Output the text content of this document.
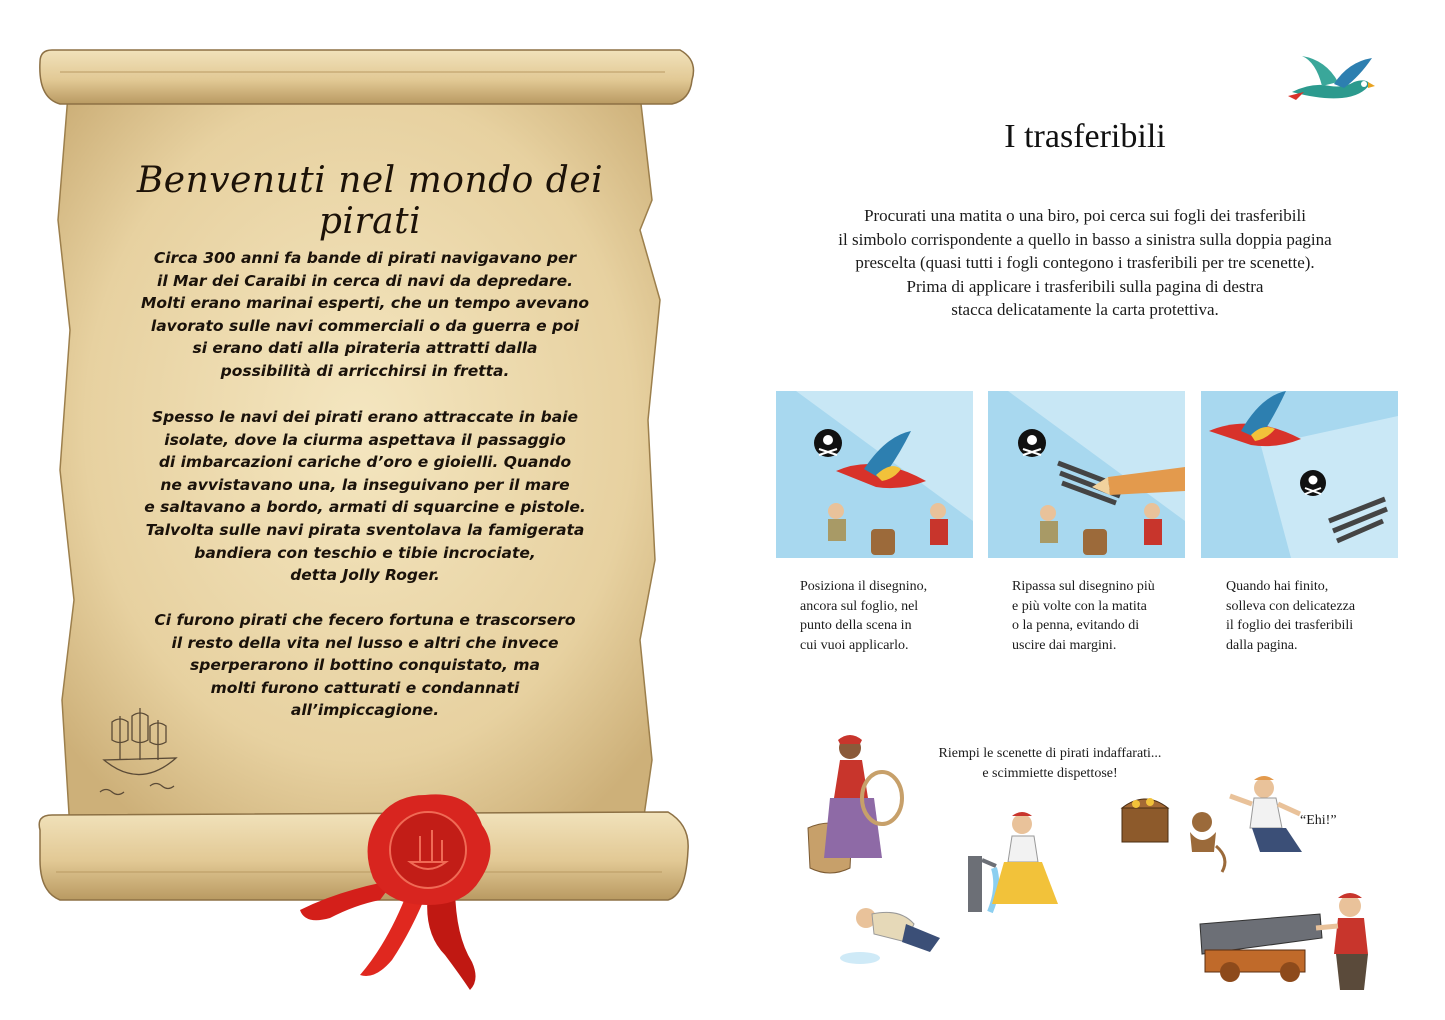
Benvenuti nel mondo dei pirati
Circa 300 anni fa bande di pirati navigavano per
il Mar dei Caraibi in cerca di navi da depredare.
Molti erano marinai esperti, che un tempo avevano
lavorato sulle navi commerciali o da guerra e poi
si erano dati alla pirateria attratti dalla
possibilità di arricchirsi in fretta.
Spesso le navi dei pirati erano attraccate in baie
isolate, dove la ciurma aspettava il passaggio
di imbarcazioni cariche d’oro e gioielli. Quando
ne avvistavano una, la inseguivano per il mare
e saltavano a bordo, armati di squarcine e pistole.
Talvolta sulle navi pirata sventolava la famigerata
bandiera con teschio e tibie incrociate,
detta Jolly Roger.
Ci furono pirati che fecero fortuna e trascorsero
il resto della vita nel lusso e altri che invece
sperperarono il bottino conquistato, ma
molti furono catturati e condannati
all’impiccagione.
I trasferibili
Procurati una matita o una biro, poi cerca sui fogli dei trasferibili
il simbolo corrispondente a quello in basso a sinistra sulla doppia pagina
prescelta (quasi tutti i fogli contegono i trasferibili per tre scenette).
Prima di applicare i trasferibili sulla pagina di destra
stacca delicatamente la carta protettiva.
Posiziona il disegnino,
ancora sul foglio, nel
punto della scena in
cui vuoi applicarlo.
Ripassa sul disegnino più
e più volte con la matita
o la penna, evitando di
uscire dai margini.
Quando hai finito,
solleva con delicatezza
il foglio dei trasferibili
dalla pagina.
Riempi le scenette di pirati indaffarati...
e scimmiette dispettose!
“Ehi!”
